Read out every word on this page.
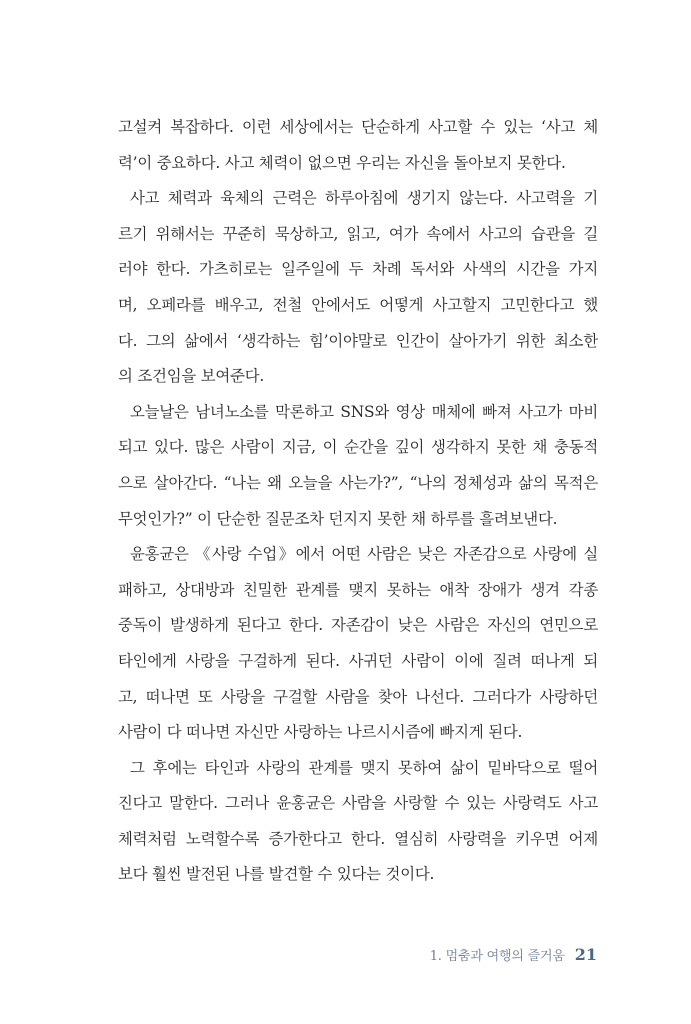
고설켜 복잡하다. 이런 세상에서는 단순하게 사고할 수 있는 ‘사고 체
력’이 중요하다. 사고 체력이 없으면 우리는 자신을 돌아보지 못한다.
사고 체력과 육체의 근력은 하루아침에 생기지 않는다. 사고력을 기
르기 위해서는 꾸준히 묵상하고, 읽고, 여가 속에서 사고의 습관을 길
러야 한다. 가츠히로는 일주일에 두 차례 독서와 사색의 시간을 가지
며, 오페라를 배우고, 전철 안에서도 어떻게 사고할지 고민한다고 했
다. 그의 삶에서 ‘생각하는 힘’이야말로 인간이 살아가기 위한 최소한
의 조건임을 보여준다.
오늘날은 남녀노소를 막론하고 SNS와 영상 매체에 빠져 사고가 마비
되고 있다. 많은 사람이 지금, 이 순간을 깊이 생각하지 못한 채 충동적
으로 살아간다. “나는 왜 오늘을 사는가?”, “나의 정체성과 삶의 목적은
무엇인가?” 이 단순한 질문조차 던지지 못한 채 하루를 흘려보낸다.
윤홍균은 《사랑 수업》에서 어떤 사람은 낮은 자존감으로 사랑에 실
패하고, 상대방과 친밀한 관계를 맺지 못하는 애착 장애가 생겨 각종
중독이 발생하게 된다고 한다. 자존감이 낮은 사람은 자신의 연민으로
타인에게 사랑을 구걸하게 된다. 사귀던 사람이 이에 질려 떠나게 되
고, 떠나면 또 사랑을 구걸할 사람을 찾아 나선다. 그러다가 사랑하던
사람이 다 떠나면 자신만 사랑하는 나르시시즘에 빠지게 된다.
그 후에는 타인과 사랑의 관계를 맺지 못하여 삶이 밑바닥으로 떨어
진다고 말한다. 그러나 윤홍균은 사람을 사랑할 수 있는 사랑력도 사고
체력처럼 노력할수록 증가한다고 한다. 열심히 사랑력을 키우면 어제
보다 훨씬 발전된 나를 발견할 수 있다는 것이다.
1. 멈춤과 여행의 즐거움 21
